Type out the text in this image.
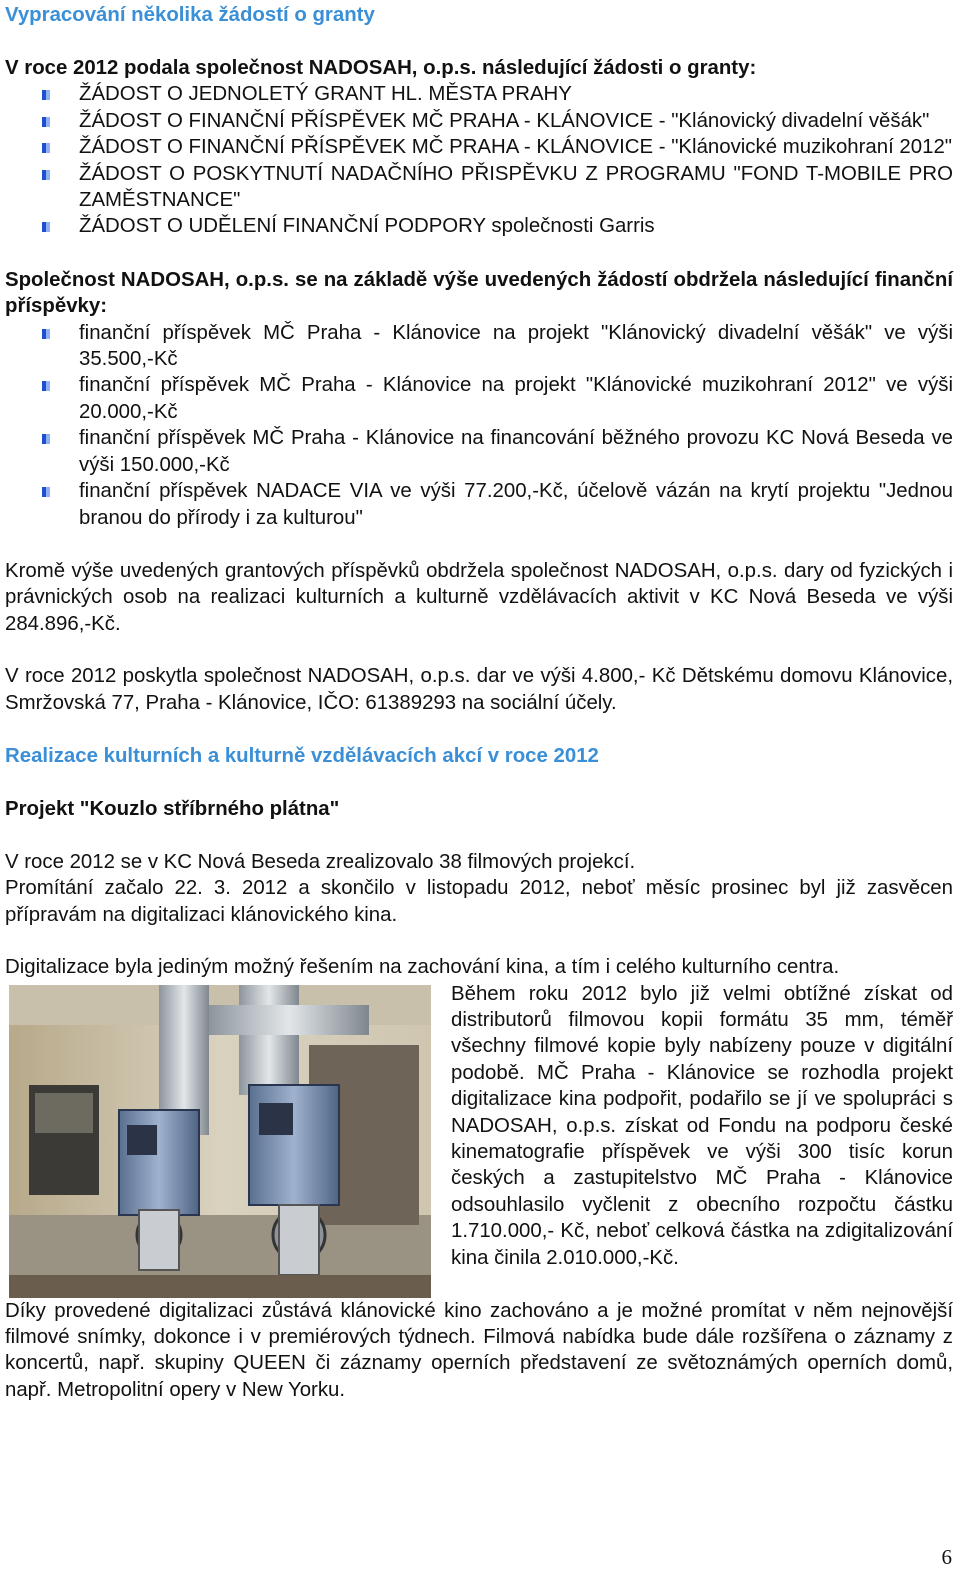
Vypracování několika žádostí o granty

V roce 2012 podala společnost NADOSAH, o.p.s. následující žádosti o granty:

ŽÁDOST O JEDNOLETÝ GRANT HL. MĚSTA PRAHY
ŽÁDOST O FINANČNÍ PŘÍSPĚVEK MČ PRAHA - KLÁNOVICE - "Klánovický divadelní věšák"
ŽÁDOST O FINANČNÍ PŘÍSPĚVEK MČ PRAHA - KLÁNOVICE - "Klánovické muzikohraní 2012"
ŽÁDOST O POSKYTNUTÍ NADAČNÍHO PŘISPĚVKU Z PROGRAMU "FOND T-MOBILE PRO ZAMĚSTNANCE"
ŽÁDOST O UDĚLENÍ FINANČNÍ PODPORY společnosti Garris

Společnost NADOSAH, o.p.s. se na základě výše uvedených žádostí obdržela následující finanční příspěvky:

finanční příspěvek MČ Praha - Klánovice na projekt "Klánovický divadelní věšák" ve výši 35.500,-Kč
finanční příspěvek MČ Praha - Klánovice na projekt "Klánovické muzikohraní 2012" ve výši 20.000,-Kč
finanční příspěvek MČ Praha - Klánovice na financování běžného provozu KC Nová Beseda ve výši 150.000,-Kč
finanční příspěvek NADACE VIA ve výši 77.200,-Kč, účelově vázán na krytí projektu "Jednou branou do přírody i za kulturou"

Kromě výše uvedených grantových příspěvků obdržela společnost NADOSAH, o.p.s. dary od fyzických i právnických osob na realizaci kulturních a kulturně vzdělávacích aktivit v KC Nová Beseda ve výši 284.896,-Kč.

V roce 2012 poskytla společnost NADOSAH, o.p.s. dar ve výši 4.800,- Kč Dětskému domovu Klánovice, Smržovská 77, Praha - Klánovice, IČO: 61389293 na sociální účely.

Realizace kulturních a kulturně vzdělávacích akcí v roce 2012
Projekt "Kouzlo stříbrného plátna"

V roce 2012 se v KC Nová Beseda zrealizovalo 38 filmových projekcí.

Promítání začalo 22. 3. 2012 a skončilo v listopadu 2012, neboť měsíc prosinec byl již zasvěcen přípravám na digitalizaci klánovického kina.

Digitalizace byla jediným možný řešením na zachování kina, a tím i celého kulturního centra.

Během roku 2012 bylo již velmi obtížné získat od distributorů filmovou kopii formátu 35 mm, téměř všechny filmové kopie byly nabízeny pouze v digitální podobě. MČ Praha - Klánovice se rozhodla projekt digitalizace kina podpořit, podařilo se jí ve spolupráci s NADOSAH, o.p.s. získat od Fondu na podporu české kinematografie příspěvek ve výši 300 tisíc korun českých a zastupitelstvo MČ Praha - Klánovice odsouhlasilo vyčlenit z obecního rozpočtu částku 1.710.000,- Kč, neboť celková částka na zdigitalizování kina činila 2.010.000,-Kč.

Díky provedené digitalizaci zůstává klánovické kino zachováno a je možné promítat v něm nejnovější filmové snímky, dokonce i v premiérových týdnech. Filmová nabídka bude dále rozšířena o záznamy z koncertů, např. skupiny QUEEN či záznamy operních představení ze světoznámých operních domů, např. Metropolitní opery v New Yorku.

6
